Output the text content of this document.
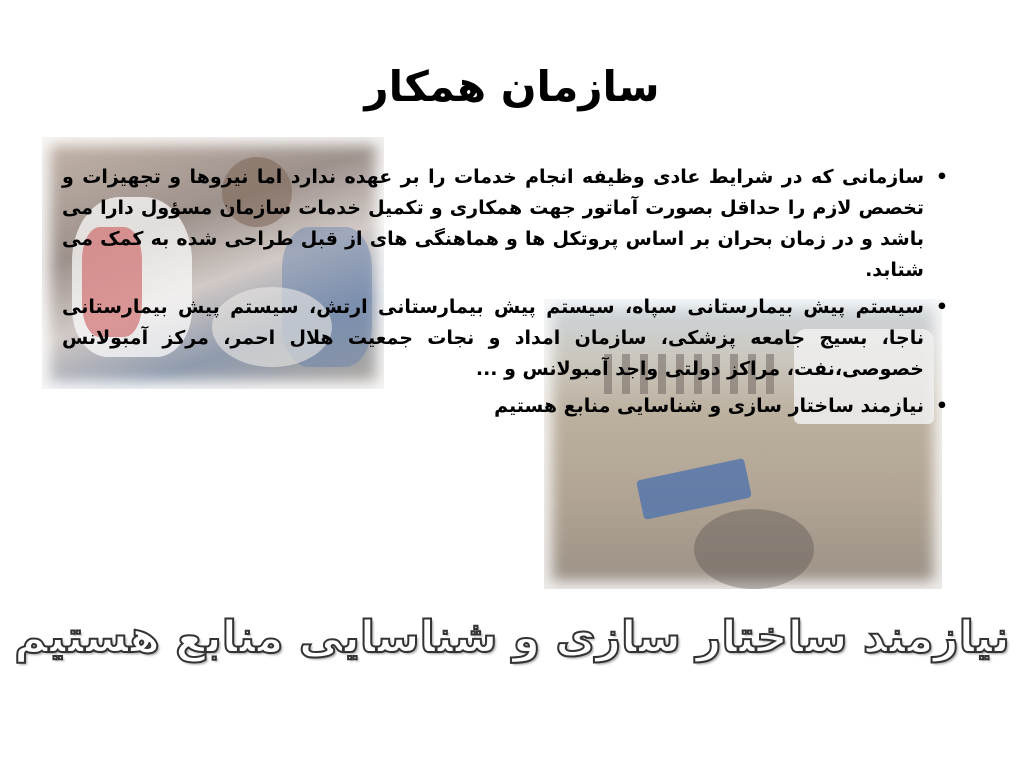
سازمان همکار
•
سازمانی که در شرایط عادی وظیفه انجام خدمات را بر عهده ندارد اما نیروها و تجهیزات و تخصص لازم را حداقل بصورت آماتور جهت همکاری و تکمیل خدمات سازمان مسؤول دارا می باشد و در زمان بحران بر اساس پروتکل ها و هماهنگی های از قبل طراحی شده به کمک می شتابد.
•
سیستم پیش بیمارستانی سپاه، سیستم پیش بیمارستانی ارتش، سیستم پیش بیمارستانی ناجا، بسیج جامعه پزشکی، سازمان امداد و نجات جمعیت هلال احمر، مرکز آمبولانس خصوصی،نفت، مراکز دولتی واجد آمبولانس و ...
•
نیازمند ساختار سازی و شناسایی منابع هستیم
نیازمند ساختار سازی و شناسایی منابع هستیم
